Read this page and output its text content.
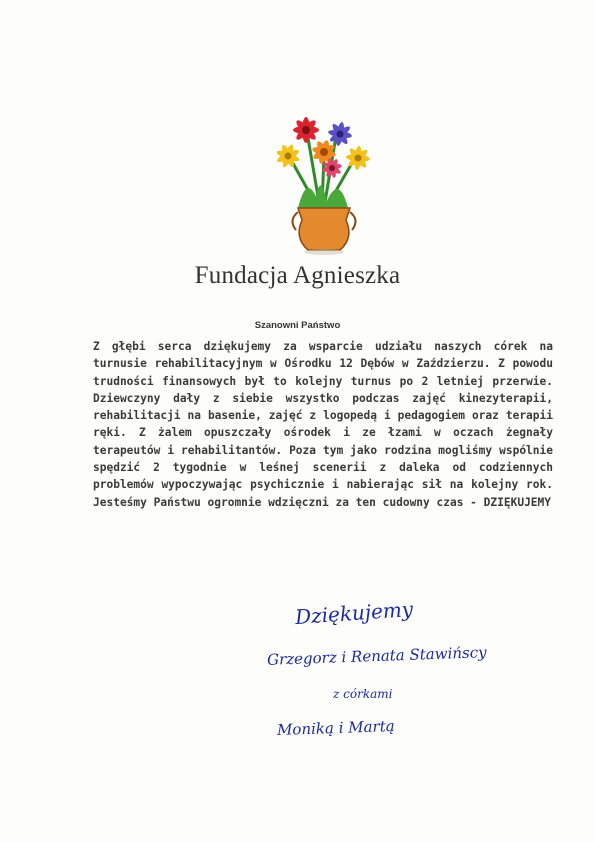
Fundacja Agnieszka
Szanowni Państwo

Z głębi serca dziękujemy za wsparcie udziału naszych córek na turnusie rehabilitacyjnym w Ośrodku 12 Dębów w Zaździerzu. Z powodu trudności finansowych był to kolejny turnus po 2 letniej przerwie. Dziewczyny dały z siebie wszystko podczas zajęć kinezyterapii, rehabilitacji na basenie, zajęć z logopedą i pedagogiem oraz terapii ręki. Z żalem opuszczały ośrodek i ze łzami w oczach żegnały terapeutów i rehabilitantów. Poza tym jako rodzina mogliśmy wspólnie spędzić 2 tygodnie w leśnej scenerii z daleka od codziennych problemów wypoczywając psychicznie i nabierając sił na kolejny rok. Jesteśmy Państwu ogromnie wdzięczni za ten cudowny czas - DZIĘKUJEMY

Dziękujemy
Grzegorz i Renata Stawińscy
z córkami
Moniką i Martą
